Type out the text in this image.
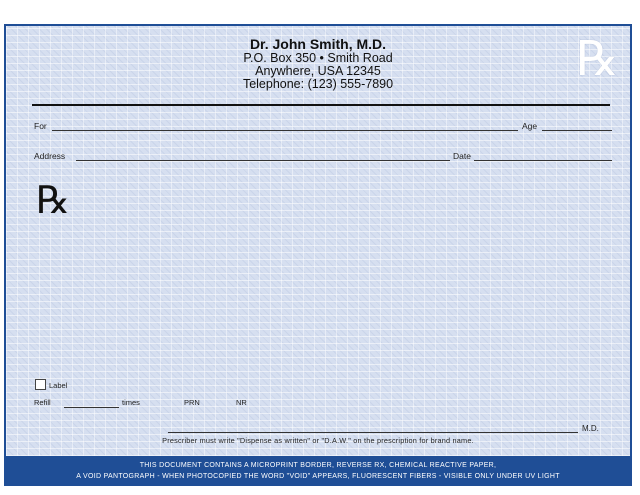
Dr. John Smith, M.D.
P.O. Box 350 • Smith Road
Anywhere, USA 12345
Telephone: (123) 555-7890	℞
For	Age
Address	Date
℞
Label
Refill	times	PRN	NR
M.D.
Prescriber must write "Dispense as written" or "D.A.W." on the prescription for brand name.
THIS DOCUMENT CONTAINS A MICROPRINT BORDER, REVERSE RX, CHEMICAL REACTIVE PAPER,
A VOID PANTOGRAPH - WHEN PHOTOCOPIED THE WORD "VOID" APPEARS, FLUORESCENT FIBERS - VISIBLE ONLY UNDER UV LIGHT
